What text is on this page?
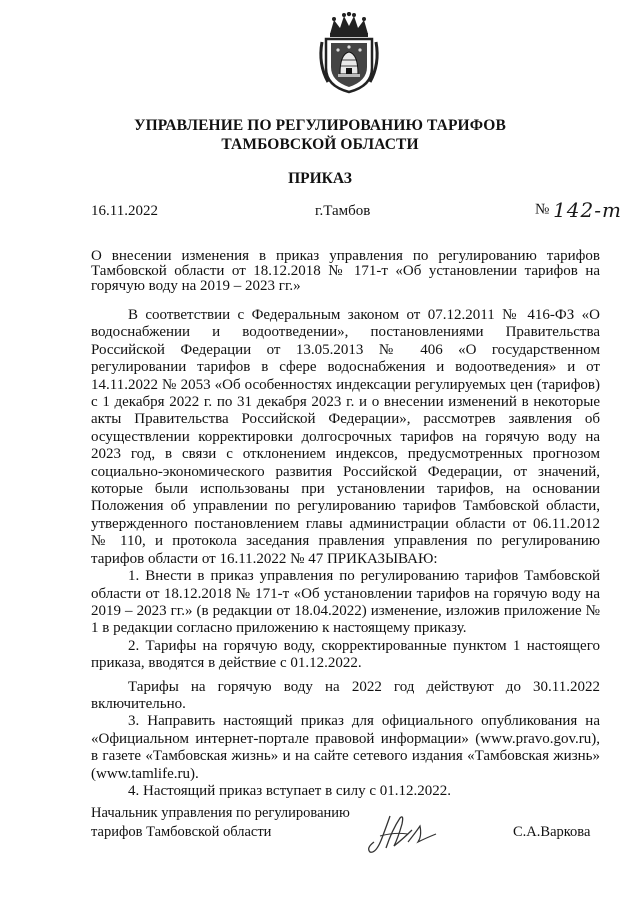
УПРАВЛЕНИЕ ПО РЕГУЛИРОВАНИЮ ТАРИФОВ
ТАМБОВСКОЙ ОБЛАСТИ
ПРИКАЗ
16.11.2022	г.Тамбов	№ 142-т
О внесении изменения в приказ управления по регулированию тарифов Тамбовской области от 18.12.2018 № 171-т «Об установлении тарифов на горячую воду на 2019 – 2023 гг.»

В соответствии с Федеральным законом от 07.12.2011 № 416-ФЗ «О водоснабжении и водоотведении», постановлениями Правительства Российской Федерации от 13.05.2013 № 406 «О государственном регулировании тарифов в сфере водоснабжения и водоотведения» и от 14.11.2022 № 2053 «Об особенностях индексации регулируемых цен (тарифов) с 1 декабря 2022 г. по 31 декабря 2023 г. и о внесении изменений в некоторые акты Правительства Российской Федерации», рассмотрев заявления об осуществлении корректировки долгосрочных тарифов на горячую воду на 2023 год, в связи с отклонением индексов, предусмотренных прогнозом социально-экономического развития Российской Федерации, от значений, которые были использованы при установлении тарифов, на основании Положения об управлении по регулированию тарифов Тамбовской области, утвержденного постановлением главы администрации области от 06.11.2012 № 110, и протокола заседания правления управления по регулированию тарифов области от 16.11.2022 № 47 ПРИКАЗЫВАЮ:

1. Внести в приказ управления по регулированию тарифов Тамбовской области от 18.12.2018 № 171-т «Об установлении тарифов на горячую воду на 2019 – 2023 гг.» (в редакции от 18.04.2022) изменение, изложив приложение № 1 в редакции согласно приложению к настоящему приказу.

2. Тарифы на горячую воду, скорректированные пунктом 1 настоящего приказа, вводятся в действие с 01.12.2022.

Тарифы на горячую воду на 2022 год действуют до 30.11.2022 включительно.

3. Направить настоящий приказ для официального опубликования на «Официальном интернет-портале правовой информации» (www.pravo.gov.ru), в газете «Тамбовская жизнь» и на сайте сетевого издания «Тамбовская жизнь» (www.tamlife.ru).

4. Настоящий приказ вступает в силу с 01.12.2022.

Начальник управления по регулированию
тарифов Тамбовской области	С.А.Варкова
